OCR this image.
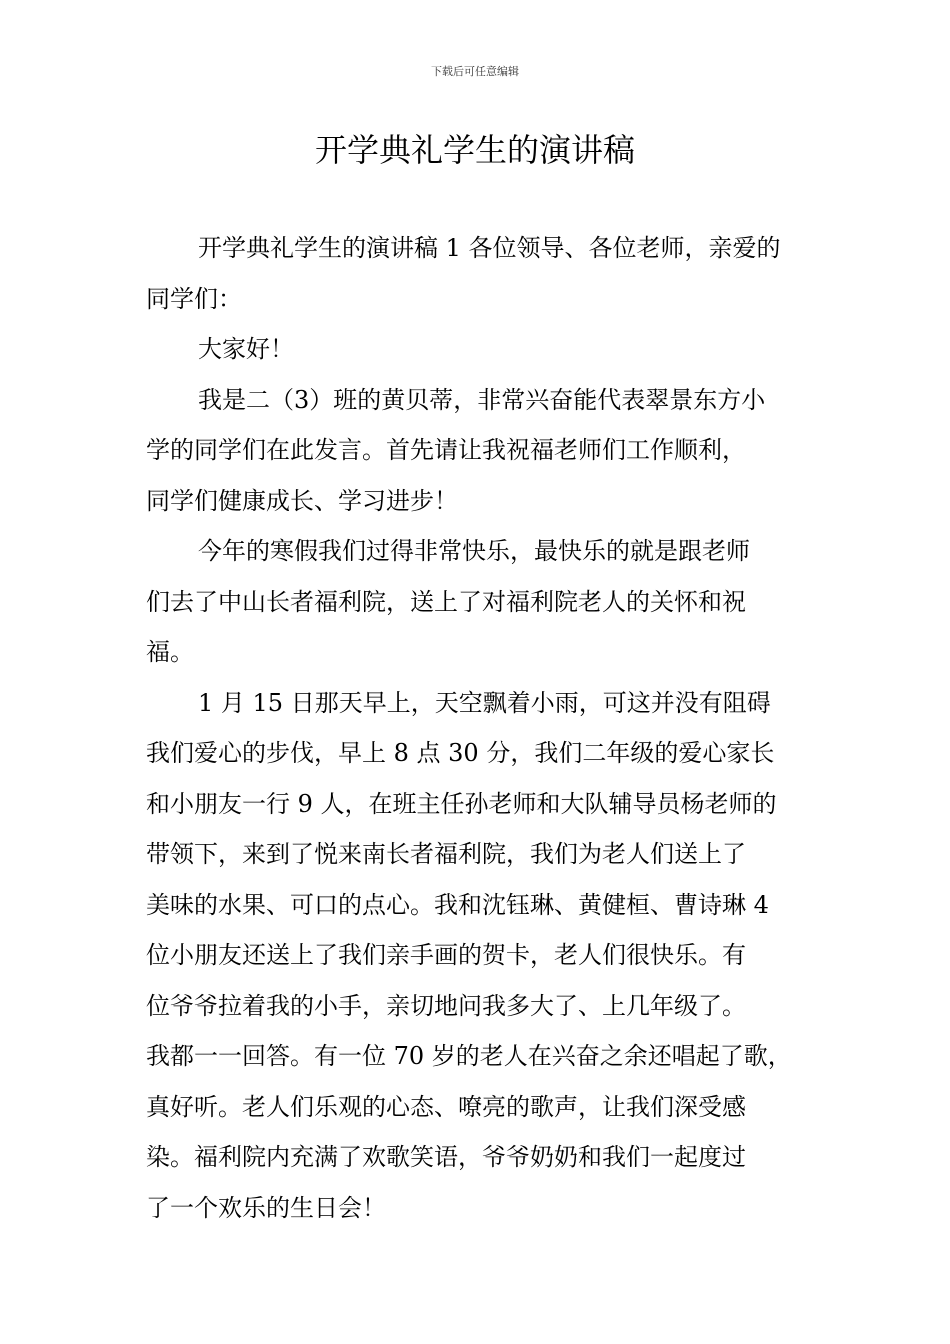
下载后可任意编辑
开学典礼学生的演讲稿
开学典礼学生的演讲稿 1 各位领导、各位老师，亲爱的
同学们：
大家好！
我是二（3）班的黄贝蒂，非常兴奋能代表翠景东方小
学的同学们在此发言。首先请让我祝福老师们工作顺利，
同学们健康成长、学习进步！
今年的寒假我们过得非常快乐，最快乐的就是跟老师
们去了中山长者福利院，送上了对福利院老人的关怀和祝
福。
1 月 15 日那天早上，天空飘着小雨，可这并没有阻碍
我们爱心的步伐，早上 8 点 30 分，我们二年级的爱心家长
和小朋友一行 9 人，在班主任孙老师和大队辅导员杨老师的
带领下，来到了悦来南长者福利院，我们为老人们送上了
美味的水果、可口的点心。我和沈钰琳、黄健桓、曹诗琳 4
位小朋友还送上了我们亲手画的贺卡，老人们很快乐。有
位爷爷拉着我的小手，亲切地问我多大了、上几年级了。
我都一一回答。有一位 70 岁的老人在兴奋之余还唱起了歌，
真好听。老人们乐观的心态、嘹亮的歌声，让我们深受感
染。福利院内充满了欢歌笑语，爷爷奶奶和我们一起度过
了一个欢乐的生日会！
